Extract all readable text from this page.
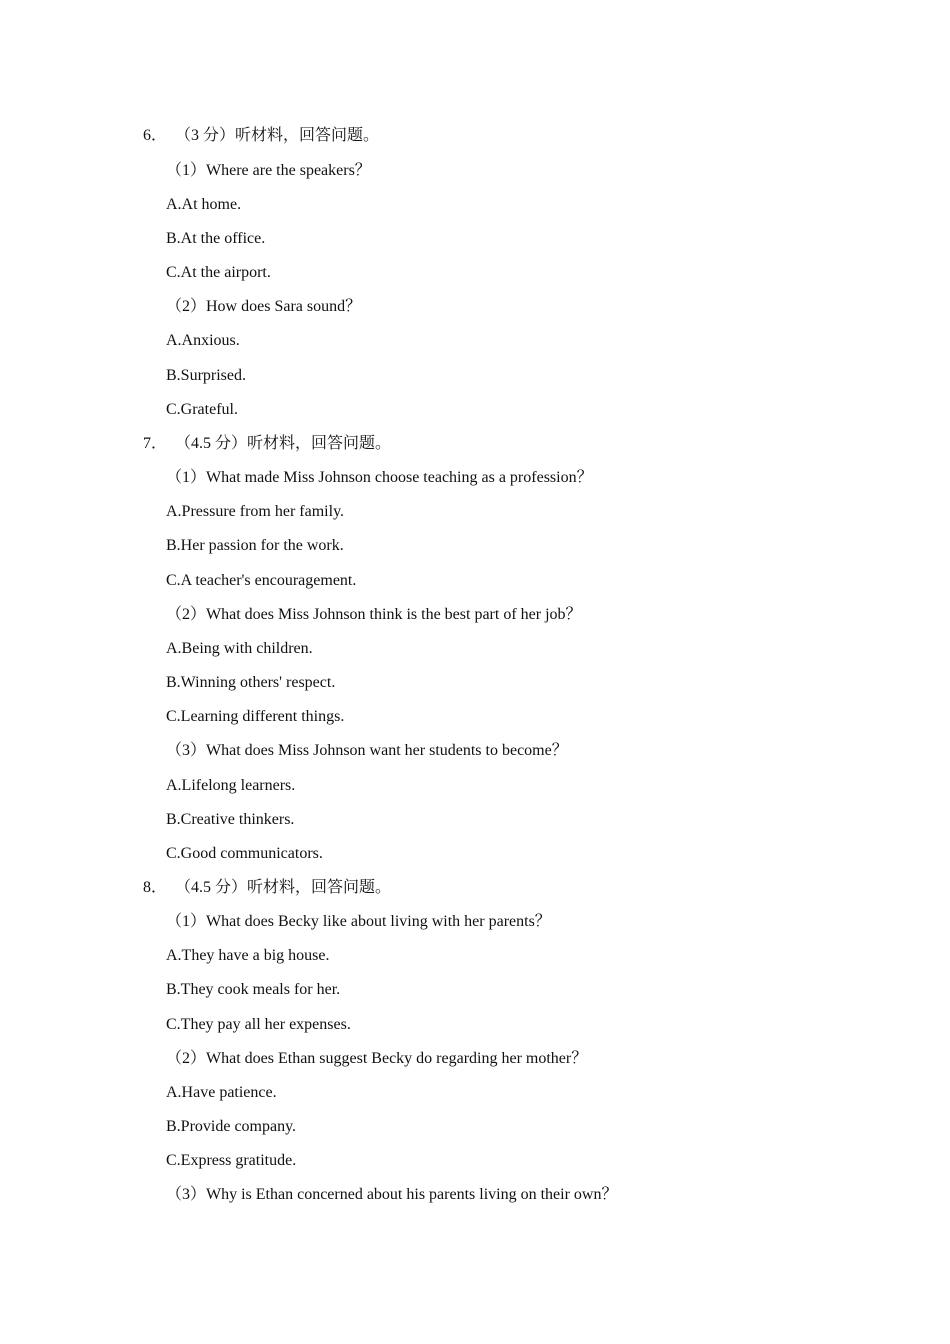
6． （3 分）听材料，回答问题。
（1）Where are the speakers？
A.At home.
B.At the office.
C.At the airport.
（2）How does Sara sound？
A.Anxious.
B.Surprised.
C.Grateful.
7． （4.5 分）听材料，回答问题。
（1）What made Miss Johnson choose teaching as a profession？
A.Pressure from her family.
B.Her passion for the work.
C.A teacher's encouragement.
（2）What does Miss Johnson think is the best part of her job？
A.Being with children.
B.Winning others' respect.
C.Learning different things.
（3）What does Miss Johnson want her students to become？
A.Lifelong learners.
B.Creative thinkers.
C.Good communicators.
8． （4.5 分）听材料，回答问题。
（1）What does Becky like about living with her parents？
A.They have a big house.
B.They cook meals for her.
C.They pay all her expenses.
（2）What does Ethan suggest Becky do regarding her mother？
A.Have patience.
B.Provide company.
C.Express gratitude.
（3）Why is Ethan concerned about his parents living on their own？
